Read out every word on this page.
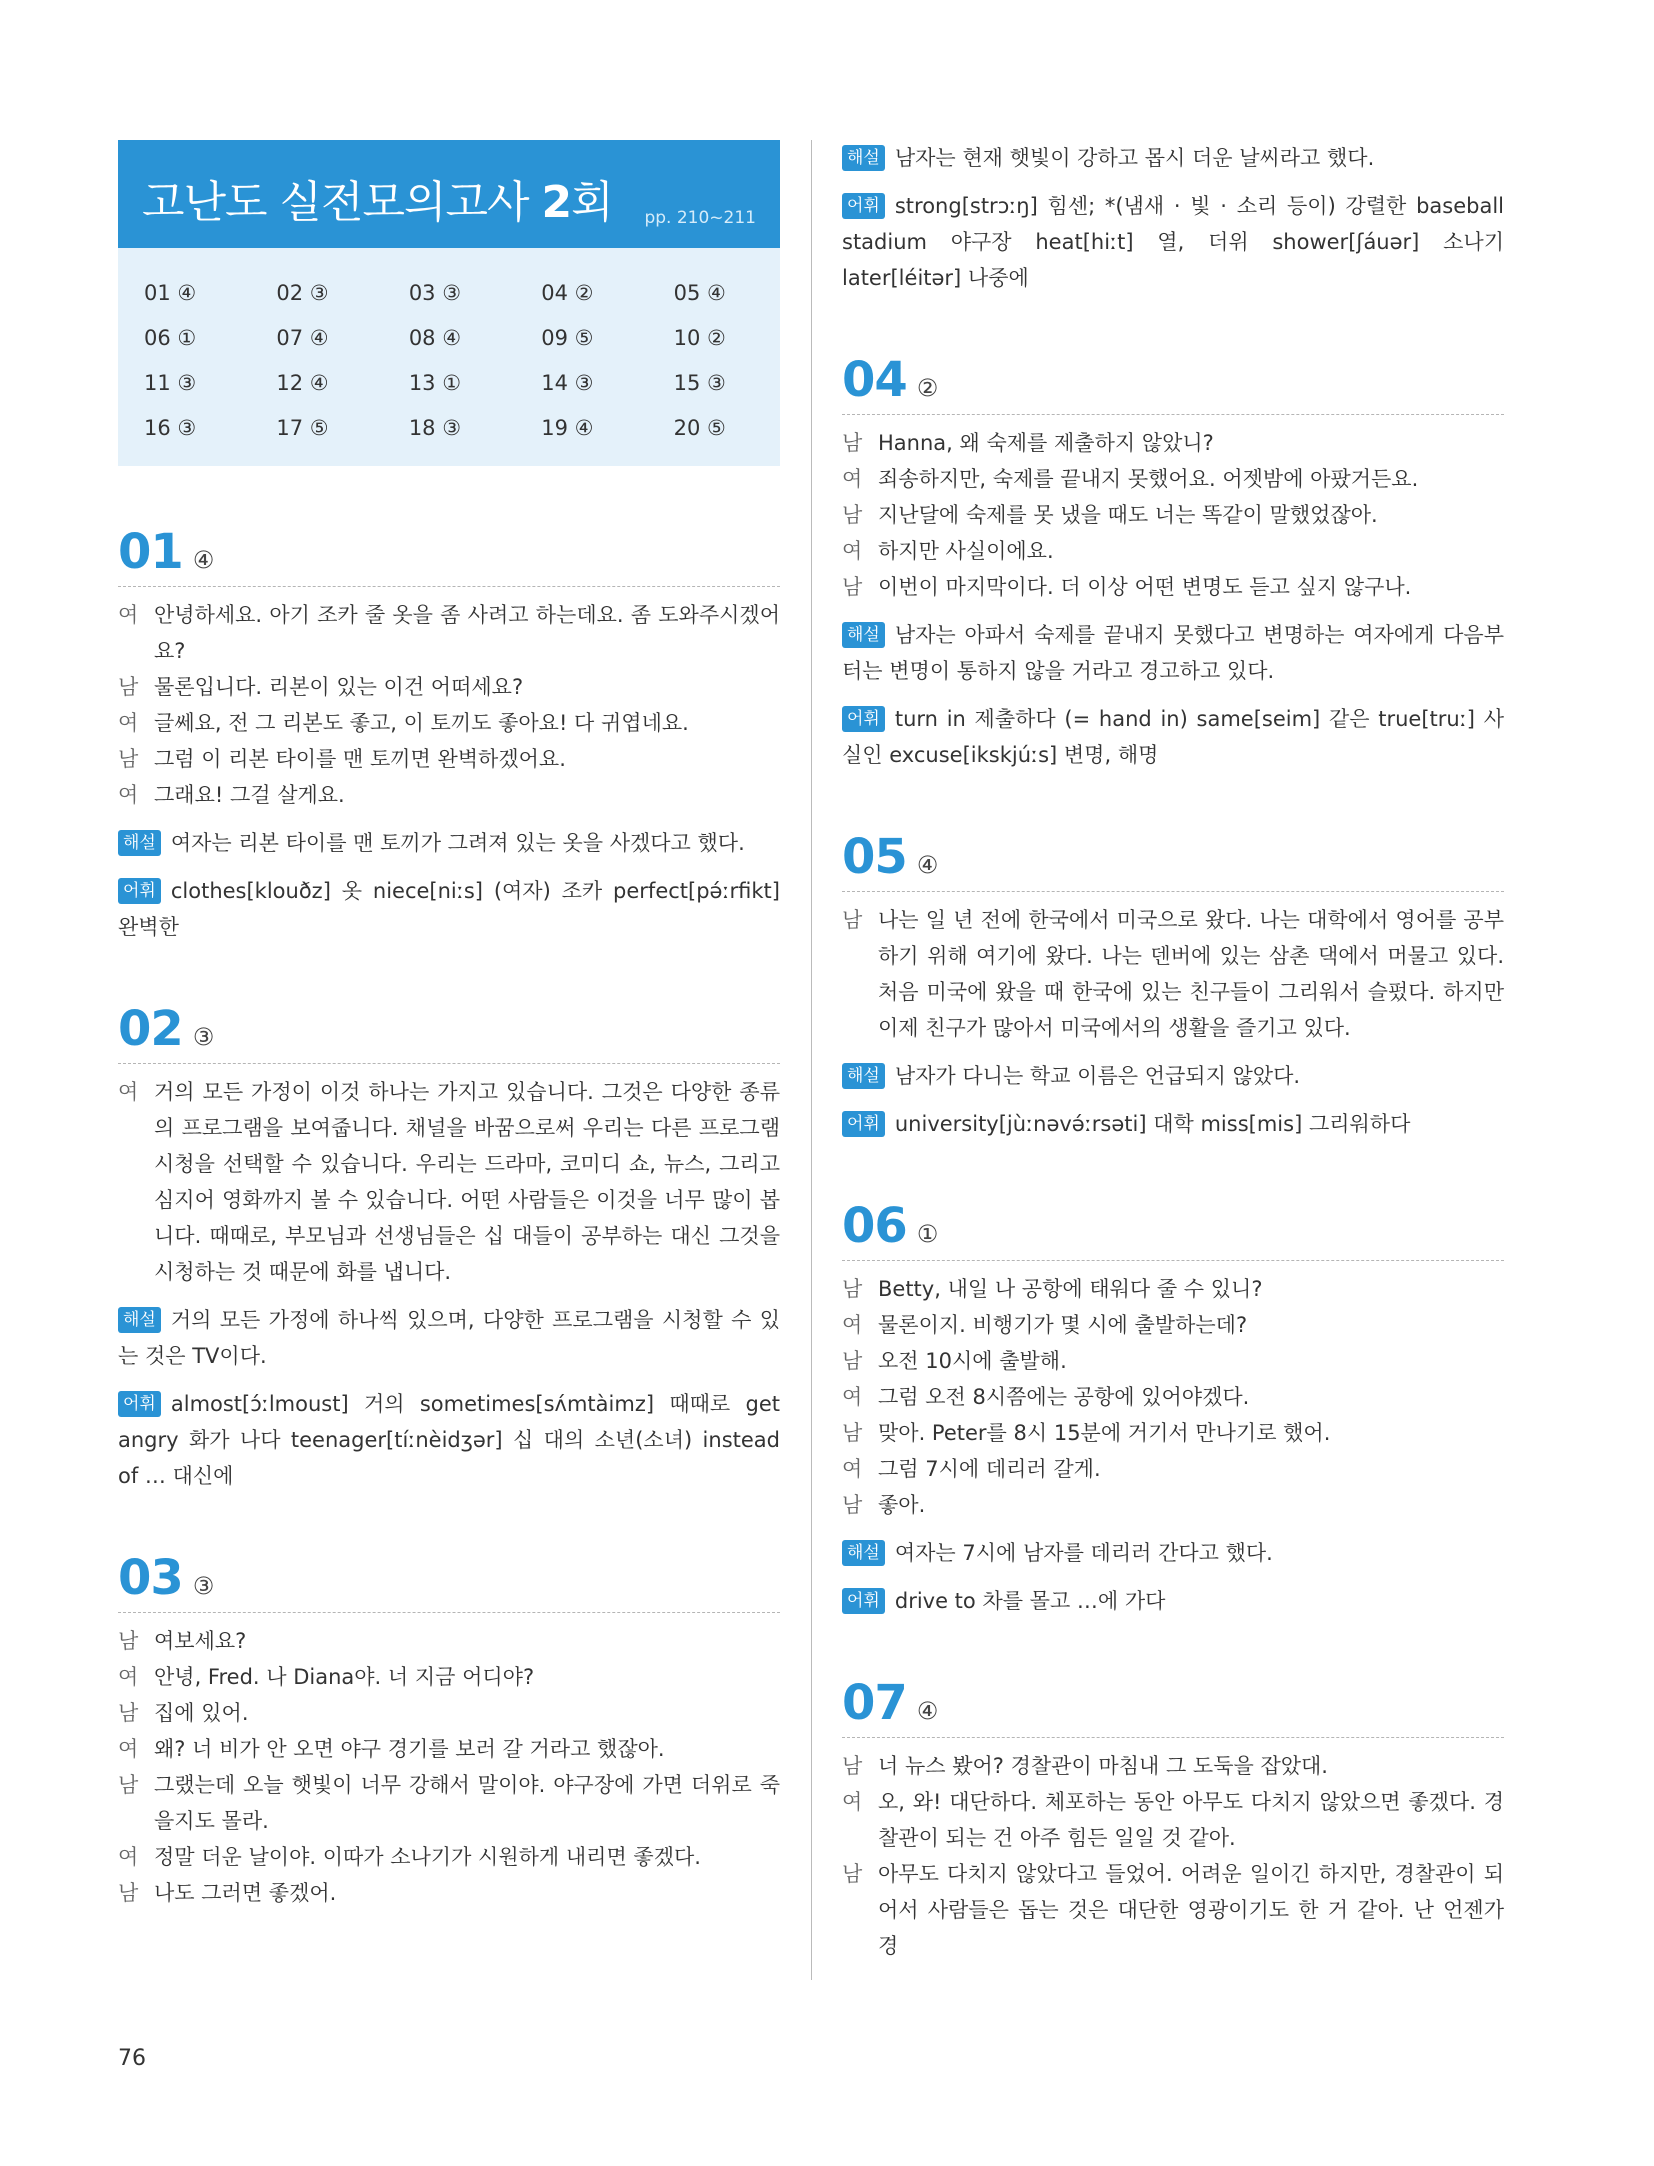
고난도 실전모의고사 2회 pp. 210~211
01 ④	02 ③	03 ③	04 ②	05 ④
06 ①	07 ④	08 ④	09 ⑤	10 ②
11 ③	12 ④	13 ①	14 ③	15 ③
16 ③	17 ⑤	18 ③	19 ④	20 ⑤
01 ④
여 안녕하세요. 아기 조카 줄 옷을 좀 사려고 하는데요. 좀 도와주시겠어요?
남 물론입니다. 리본이 있는 이건 어떠세요?
여 글쎄요, 전 그 리본도 좋고, 이 토끼도 좋아요! 다 귀엽네요.
남 그럼 이 리본 타이를 맨 토끼면 완벽하겠어요.
여 그래요! 그걸 살게요.
해설 여자는 리본 타이를 맨 토끼가 그려져 있는 옷을 사겠다고 했다.
어휘 clothes[klouðz] 옷 niece[niːs] (여자) 조카 perfect[pə́ːrfikt] 완벽한
02 ③
여 거의 모든 가정이 이것 하나는 가지고 있습니다. 그것은 다양한 종류의 프로그램을 보여줍니다. 채널을 바꿈으로써 우리는 다른 프로그램 시청을 선택할 수 있습니다. 우리는 드라마, 코미디 쇼, 뉴스, 그리고 심지어 영화까지 볼 수 있습니다. 어떤 사람들은 이것을 너무 많이 봅니다. 때때로, 부모님과 선생님들은 십 대들이 공부하는 대신 그것을 시청하는 것 때문에 화를 냅니다.
해설 거의 모든 가정에 하나씩 있으며, 다양한 프로그램을 시청할 수 있는 것은 TV이다.
어휘 almost[ɔ́ːlmoust] 거의 sometimes[sʌ́mtàimz] 때때로 get angry 화가 나다 teenager[tíːnèidʒər] 십 대의 소년(소녀) instead of … 대신에
03 ③
남 여보세요?
여 안녕, Fred. 나 Diana야. 너 지금 어디야?
남 집에 있어.
여 왜? 너 비가 안 오면 야구 경기를 보러 갈 거라고 했잖아.
남 그랬는데 오늘 햇빛이 너무 강해서 말이야. 야구장에 가면 더위로 죽을지도 몰라.
여 정말 더운 날이야. 이따가 소나기가 시원하게 내리면 좋겠다.
남 나도 그러면 좋겠어.
해설 남자는 현재 햇빛이 강하고 몹시 더운 날씨라고 했다.
어휘 strong[strɔːŋ] 힘센; *(냄새 · 빛 · 소리 등이) 강렬한 baseball stadium 야구장 heat[hiːt] 열, 더위 shower[ʃáuər] 소나기 later[léitər] 나중에
04 ②
남 Hanna, 왜 숙제를 제출하지 않았니?
여 죄송하지만, 숙제를 끝내지 못했어요. 어젯밤에 아팠거든요.
남 지난달에 숙제를 못 냈을 때도 너는 똑같이 말했었잖아.
여 하지만 사실이에요.
남 이번이 마지막이다. 더 이상 어떤 변명도 듣고 싶지 않구나.
해설 남자는 아파서 숙제를 끝내지 못했다고 변명하는 여자에게 다음부터는 변명이 통하지 않을 거라고 경고하고 있다.
어휘 turn in 제출하다 (= hand in) same[seim] 같은 true[truː] 사실인 excuse[ikskjúːs] 변명, 해명
05 ④
남 나는 일 년 전에 한국에서 미국으로 왔다. 나는 대학에서 영어를 공부하기 위해 여기에 왔다. 나는 덴버에 있는 삼촌 댁에서 머물고 있다. 처음 미국에 왔을 때 한국에 있는 친구들이 그리워서 슬펐다. 하지만 이제 친구가 많아서 미국에서의 생활을 즐기고 있다.
해설 남자가 다니는 학교 이름은 언급되지 않았다.
어휘 university[jùːnəvə́ːrsəti] 대학 miss[mis] 그리워하다
06 ①
남 Betty, 내일 나 공항에 태워다 줄 수 있니?
여 물론이지. 비행기가 몇 시에 출발하는데?
남 오전 10시에 출발해.
여 그럼 오전 8시쯤에는 공항에 있어야겠다.
남 맞아. Peter를 8시 15분에 거기서 만나기로 했어.
여 그럼 7시에 데리러 갈게.
남 좋아.
해설 여자는 7시에 남자를 데리러 간다고 했다.
어휘 drive to 차를 몰고 …에 가다
07 ④
남 너 뉴스 봤어? 경찰관이 마침내 그 도둑을 잡았대.
여 오, 와! 대단하다. 체포하는 동안 아무도 다치지 않았으면 좋겠다. 경찰관이 되는 건 아주 힘든 일일 것 같아.
남 아무도 다치지 않았다고 들었어. 어려운 일이긴 하지만, 경찰관이 되어서 사람들은 돕는 것은 대단한 영광이기도 한 거 같아. 난 언젠가 경
76
